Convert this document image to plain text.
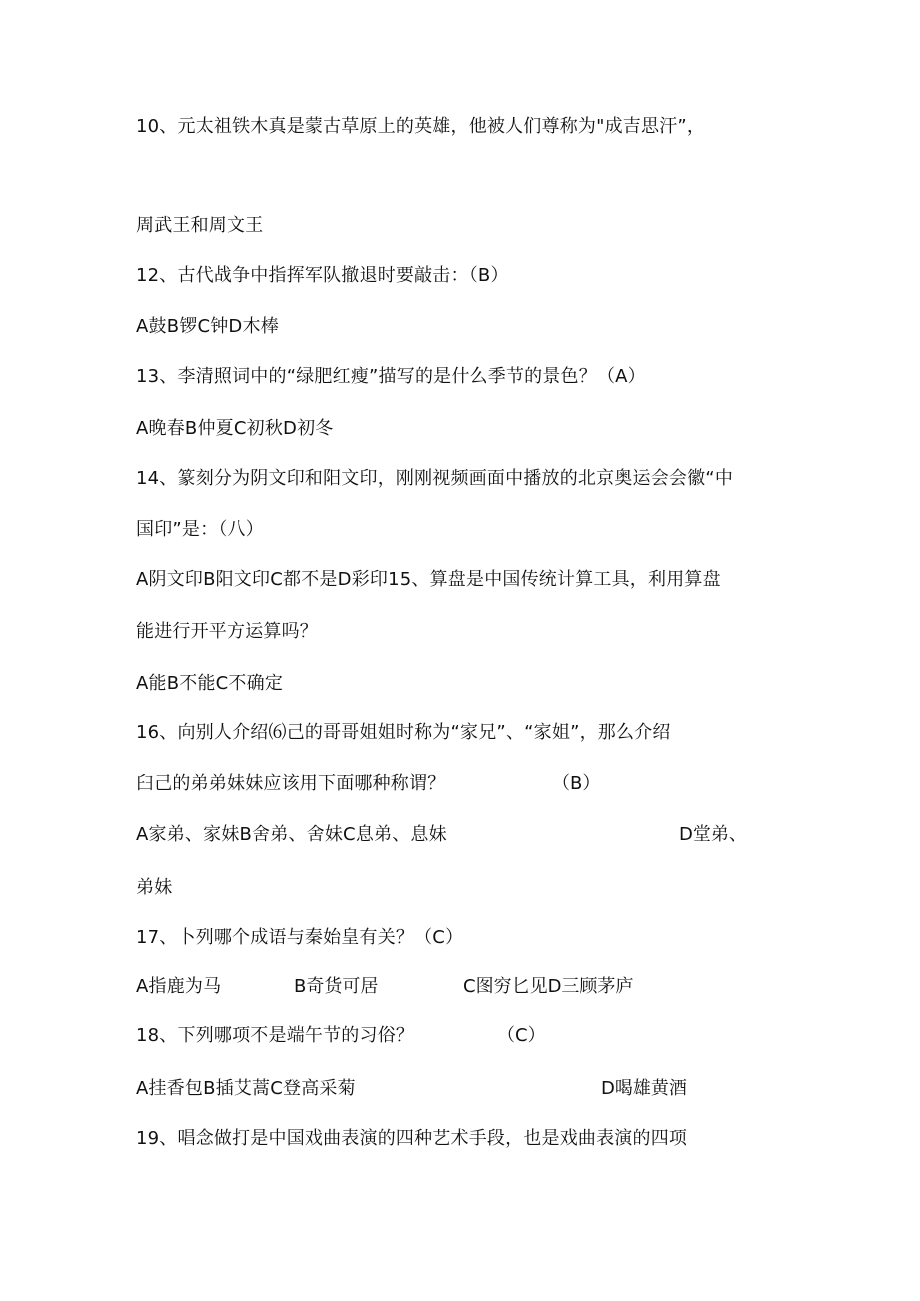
10、元太祖铁木真是蒙古草原上的英雄，他被人们尊称为"成吉思汗”，
周武王和周文王
12、古代战争中指挥军队撤退时要敲击：（B）
A鼓B锣C钟D木棒
13、李清照词中的“绿肥红瘦”描写的是什么季节的景色？（A）
A晚春B仲夏C初秋D初冬
14、篆刻分为阴文印和阳文印，刚刚视频画面中播放的北京奥运会会徽“中
国印”是：（八）
A阴文印B阳文印C都不是D彩印15、算盘是中国传统计算工具，利用算盘
能进行开平方运算吗？
A能B不能C不确定
16、向别人介绍⑹己的哥哥姐姐时称为“家兄”、“家姐”，那么介绍
臼己的弟弟妹妹应该用下面哪种称谓？	（B）
A家弟、家妹B舍弟、舍妹C息弟、息妹	D堂弟、
弟妹
17、卜列哪个成语与秦始皇有关？（C）
A指鹿为马	B奇货可居	C图穷匕见D三顾茅庐
18、下列哪项不是端午节的习俗？	（C）
A挂香包B插艾蒿C登高采菊	D喝雄黄酒
19、唱念做打是中国戏曲表演的四种艺术手段，也是戏曲表演的四项
